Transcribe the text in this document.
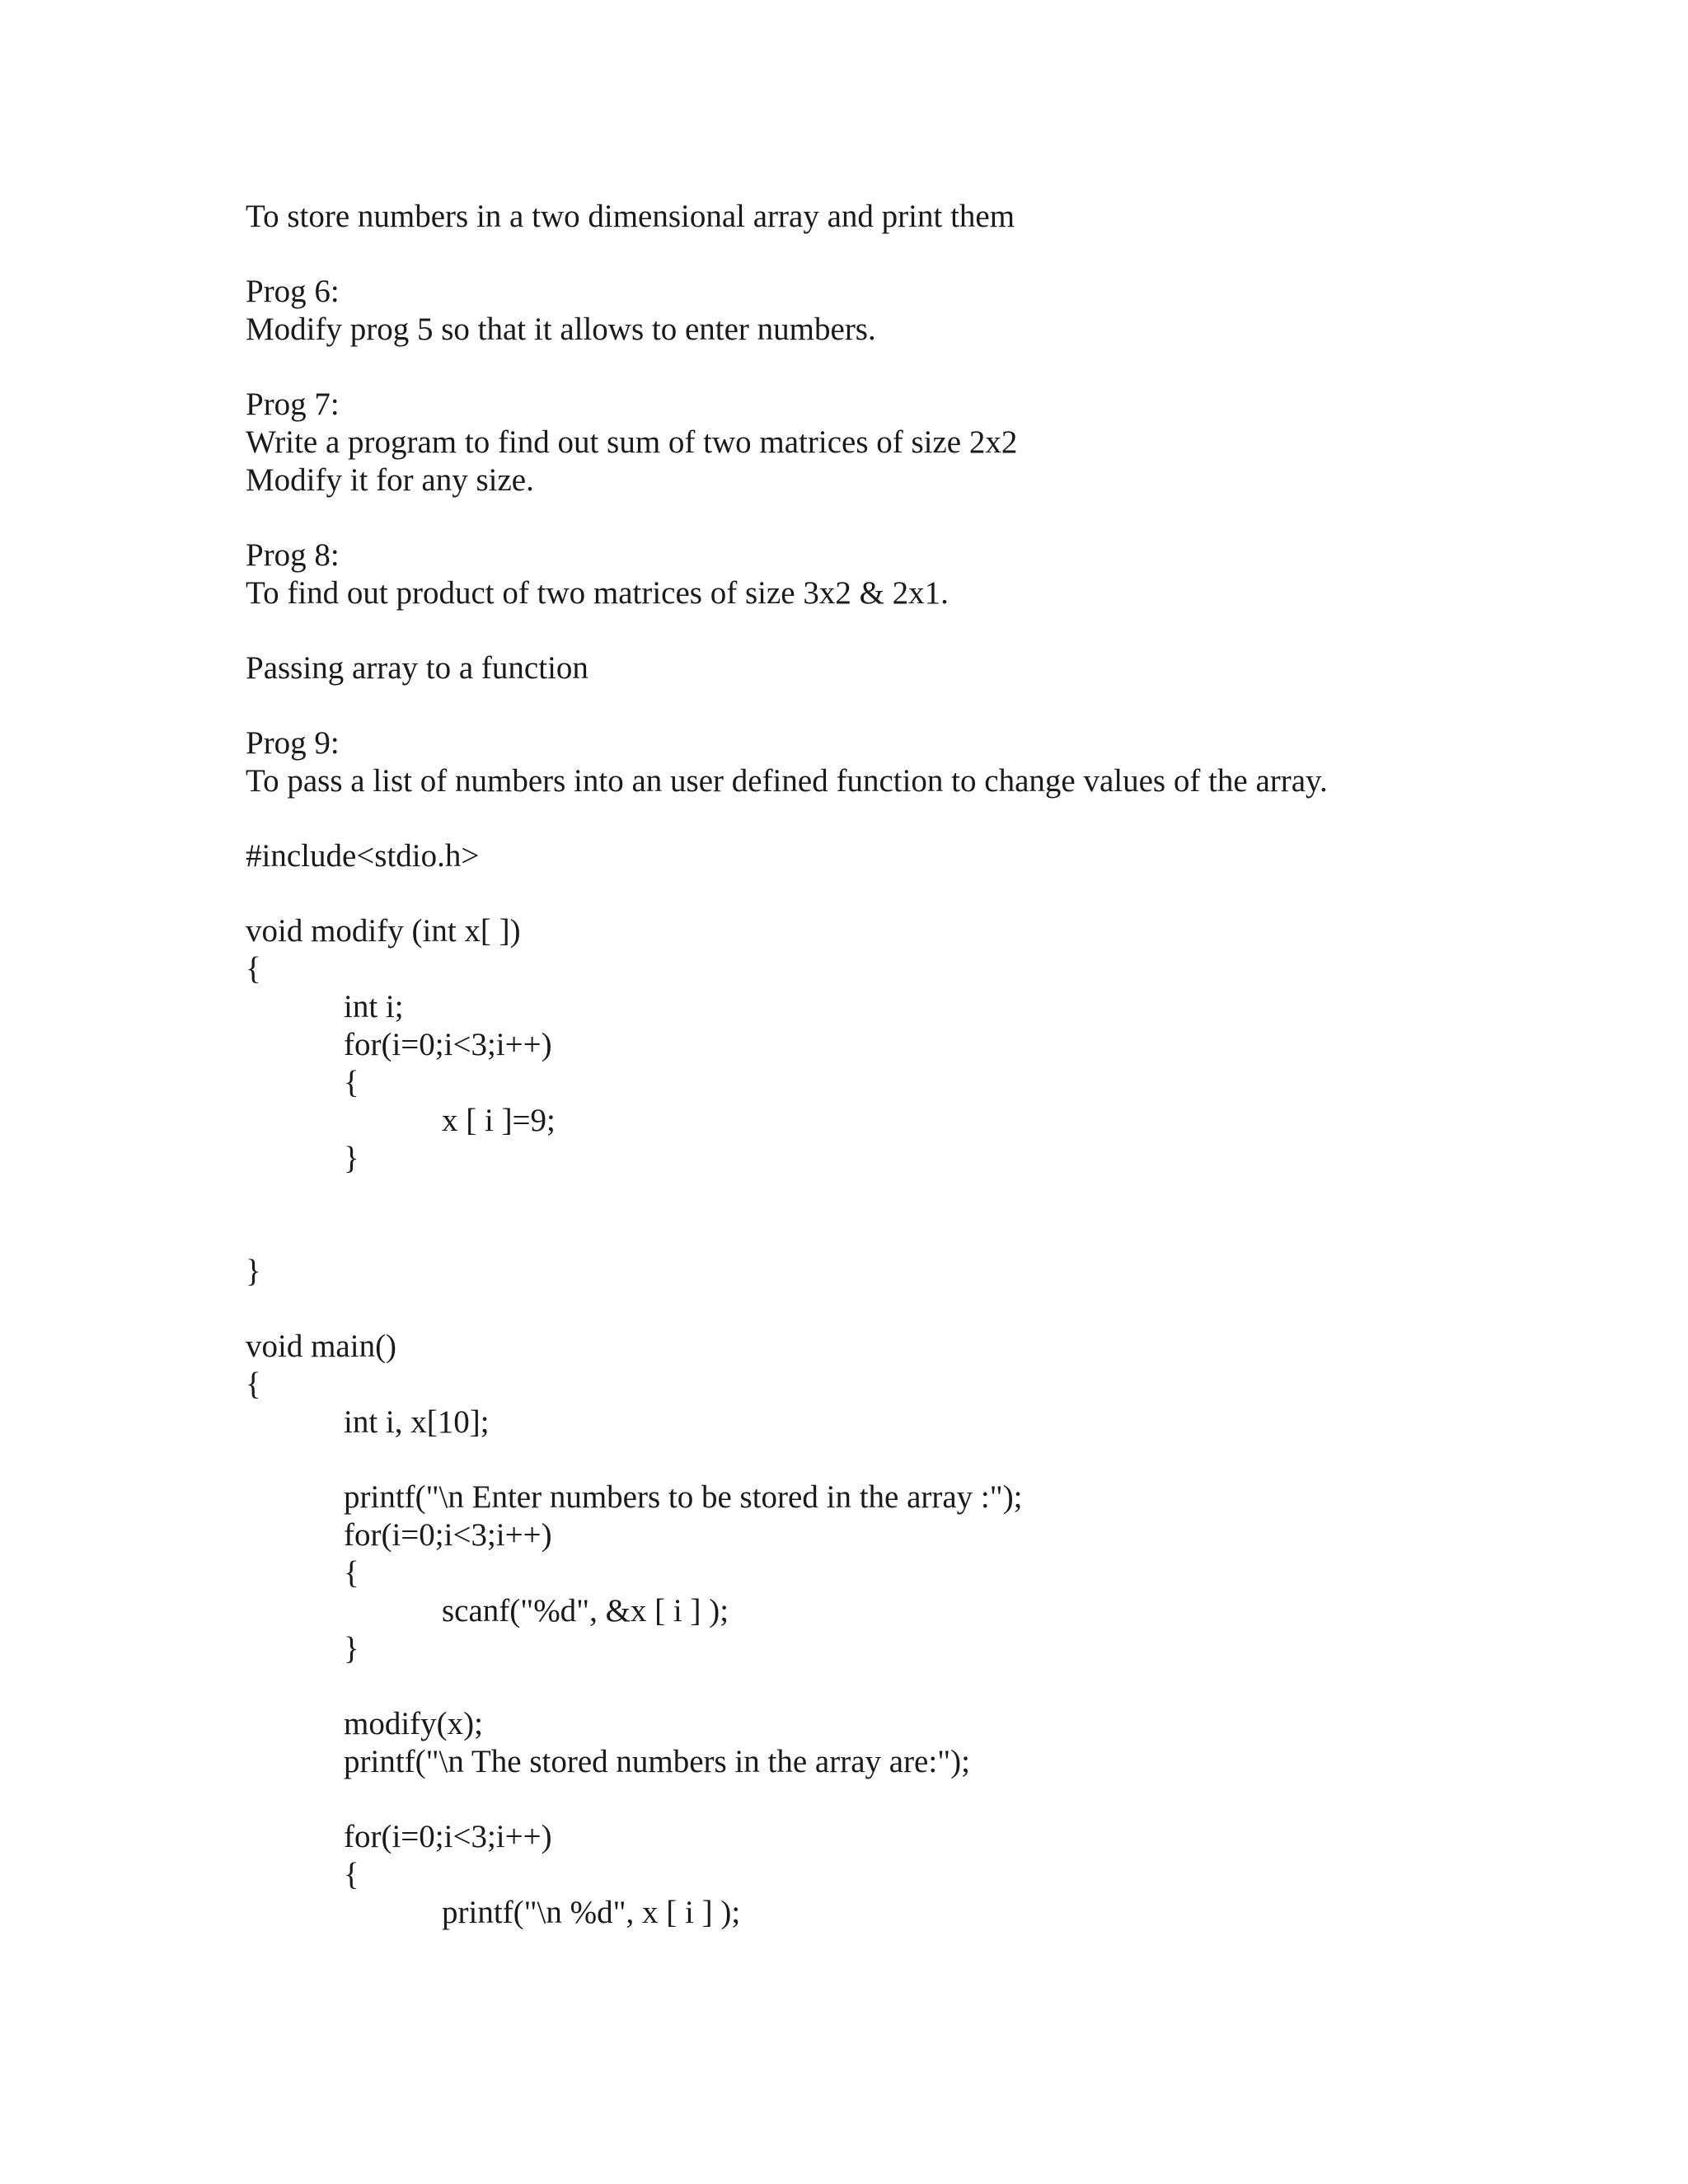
To store numbers in a two dimensional array and print them

Prog 6:

Modify prog 5 so that it allows to enter numbers.

Prog 7:

Write a program to find out sum of two matrices of size 2x2

Modify it for any size.

Prog 8:

To find out product of two matrices of size 3x2 & 2x1.

Passing array to a function

Prog 9:

To pass a list of numbers into an user defined function to change values of the array.

#include<stdio.h>

void modify (int x[ ])

{

int i;

for(i=0;i<3;i++)

{

x [ i ]=9;

}

}

void main()

{

int i, x[10];

printf("\n Enter numbers to be stored in the array :");

for(i=0;i<3;i++)

{

scanf("%d", &x [ i ] );

}

modify(x);

printf("\n The stored numbers in the array are:");

for(i=0;i<3;i++)

{

printf("\n %d", x [ i ] );
